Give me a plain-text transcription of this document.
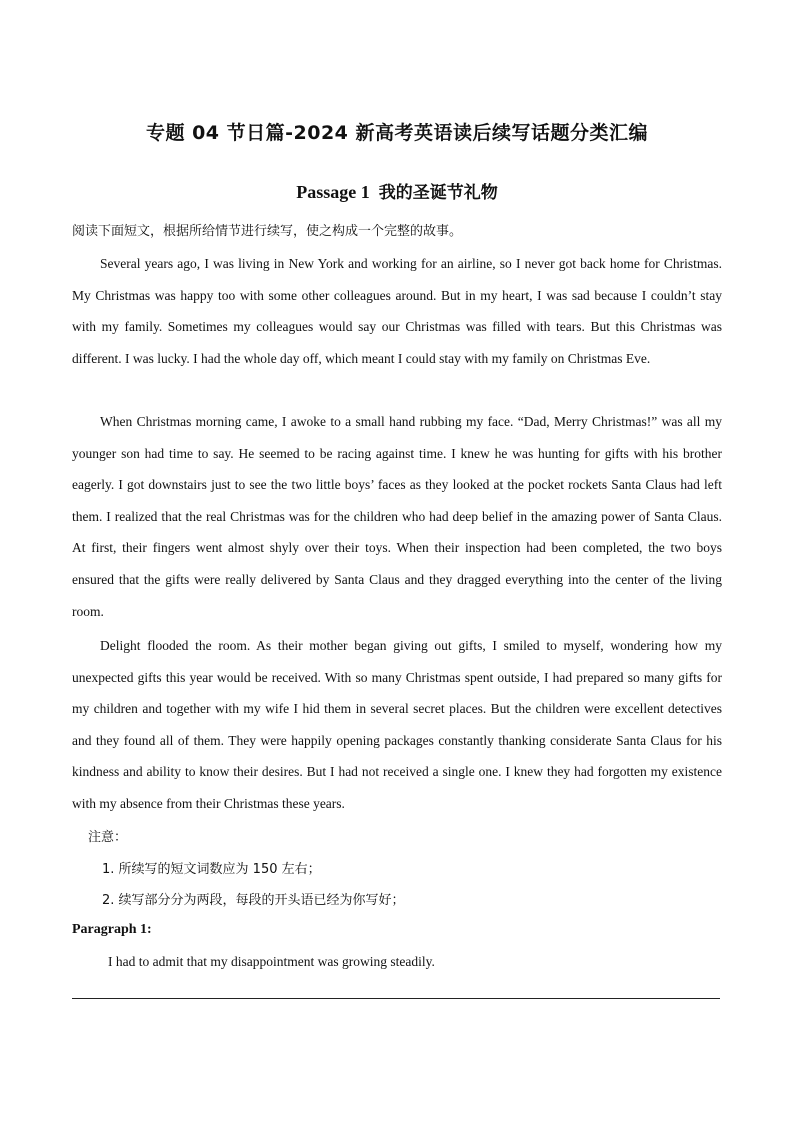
专题 04 节日篇-2024 新高考英语读后续写话题分类汇编
Passage 1 我的圣诞节礼物
阅读下面短文，根据所给情节进行续写，使之构成一个完整的故事。

Several years ago, I was living in New York and working for an airline, so I never got back home for Christmas. My Christmas was happy too with some other colleagues around. But in my heart, I was sad because I couldn’t stay with my family. Sometimes my colleagues would say our Christmas was filled with tears. But this Christmas was different. I was lucky. I had the whole day off, which meant I could stay with my family on Christmas Eve.

When Christmas morning came, I awoke to a small hand rubbing my face. “Dad, Merry Christmas!” was all my younger son had time to say. He seemed to be racing against time. I knew he was hunting for gifts with his brother eagerly. I got downstairs just to see the two little boys’ faces as they looked at the pocket rockets Santa Claus had left them. I realized that the real Christmas was for the children who had deep belief in the amazing power of Santa Claus. At first, their fingers went almost shyly over their toys. When their inspection had been completed, the two boys ensured that the gifts were really delivered by Santa Claus and they dragged everything into the center of the living room.

Delight flooded the room. As their mother began giving out gifts, I smiled to myself, wondering how my unexpected gifts this year would be received. With so many Christmas spent outside, I had prepared so many gifts for my children and together with my wife I hid them in several secret places. But the children were excellent detectives and they found all of them. They were happily opening packages constantly thanking considerate Santa Claus for his kindness and ability to know their desires. But I had not received a single one. I knew they had forgotten my existence with my absence from their Christmas these years.

注意：
1. 所续写的短文词数应为 150 左右；
2. 续写部分分为两段，每段的开头语已经为你写好；
Paragraph 1:
I had to admit that my disappointment was growing steadily.
